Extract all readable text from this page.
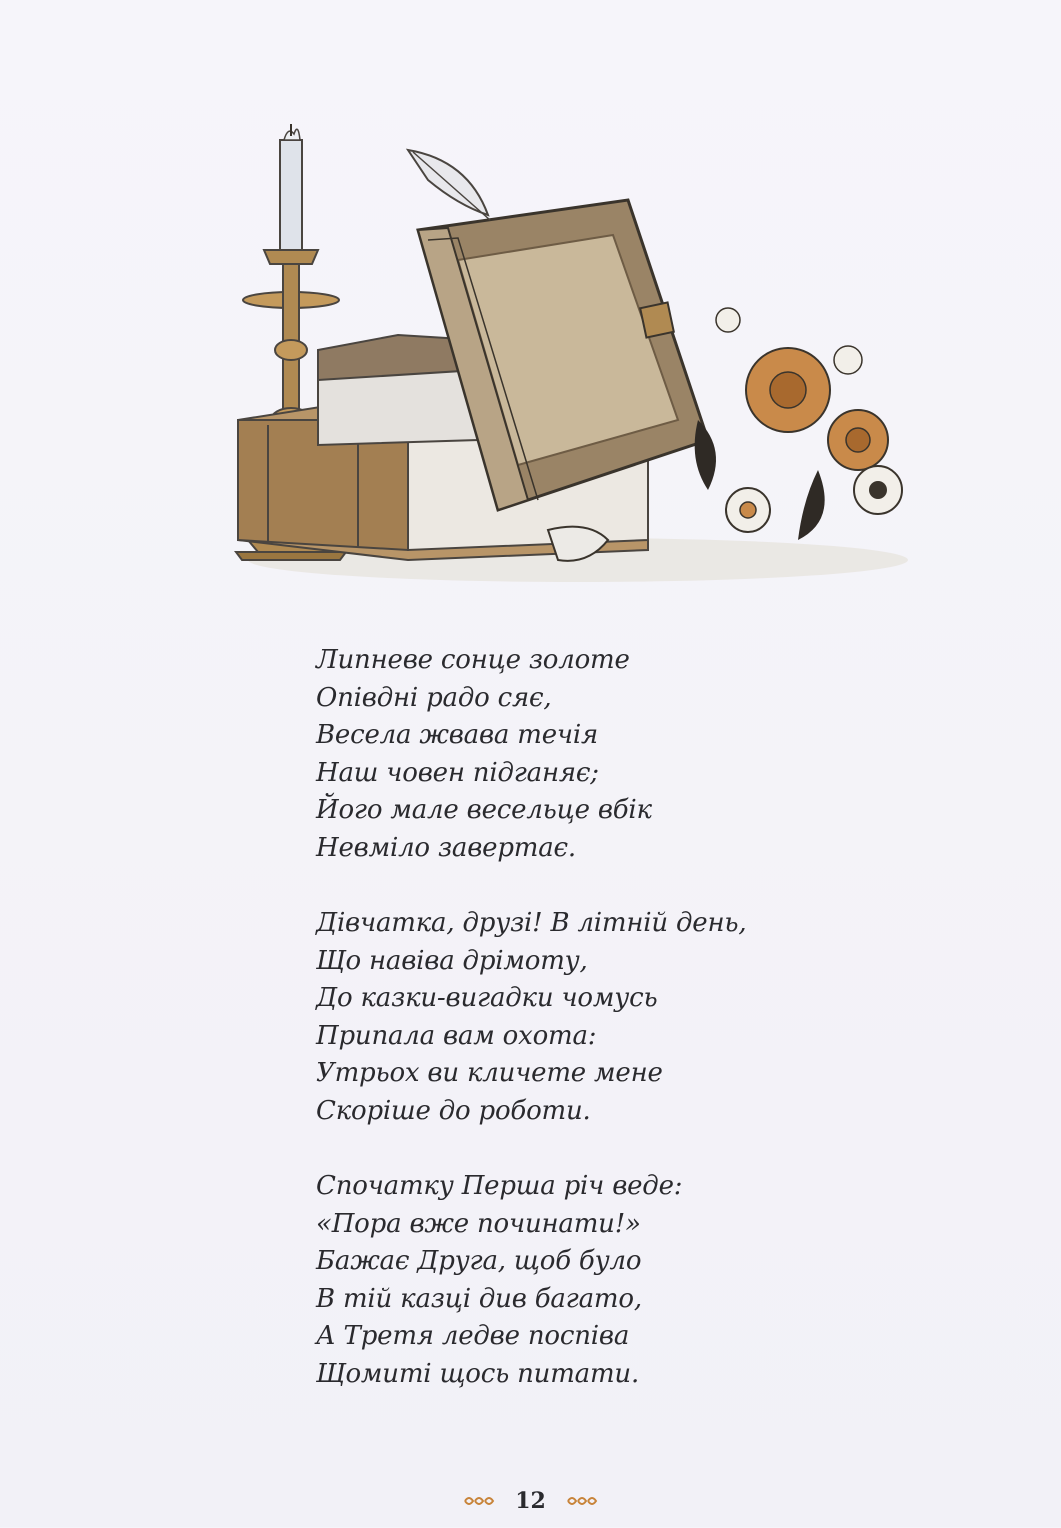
Липневе сонце золоте
Опівдні радо сяє,
Весела жвава течія
Наш човен підганяє;
Його мале весельце вбік
Невміло завертає.
Дівчатка, друзі! В літній день,
Що навіва дрімоту,
До казки-вигадки чомусь
Припала вам охота:
Утрьох ви кличете мене
Скоріше до роботи.
Спочатку Перша річ веде:
«Пора вже починати!»
Бажає Друга, щоб було
В тій казці див багато,
А Третя ледве поспіва
Щомиті щось питати.
12
